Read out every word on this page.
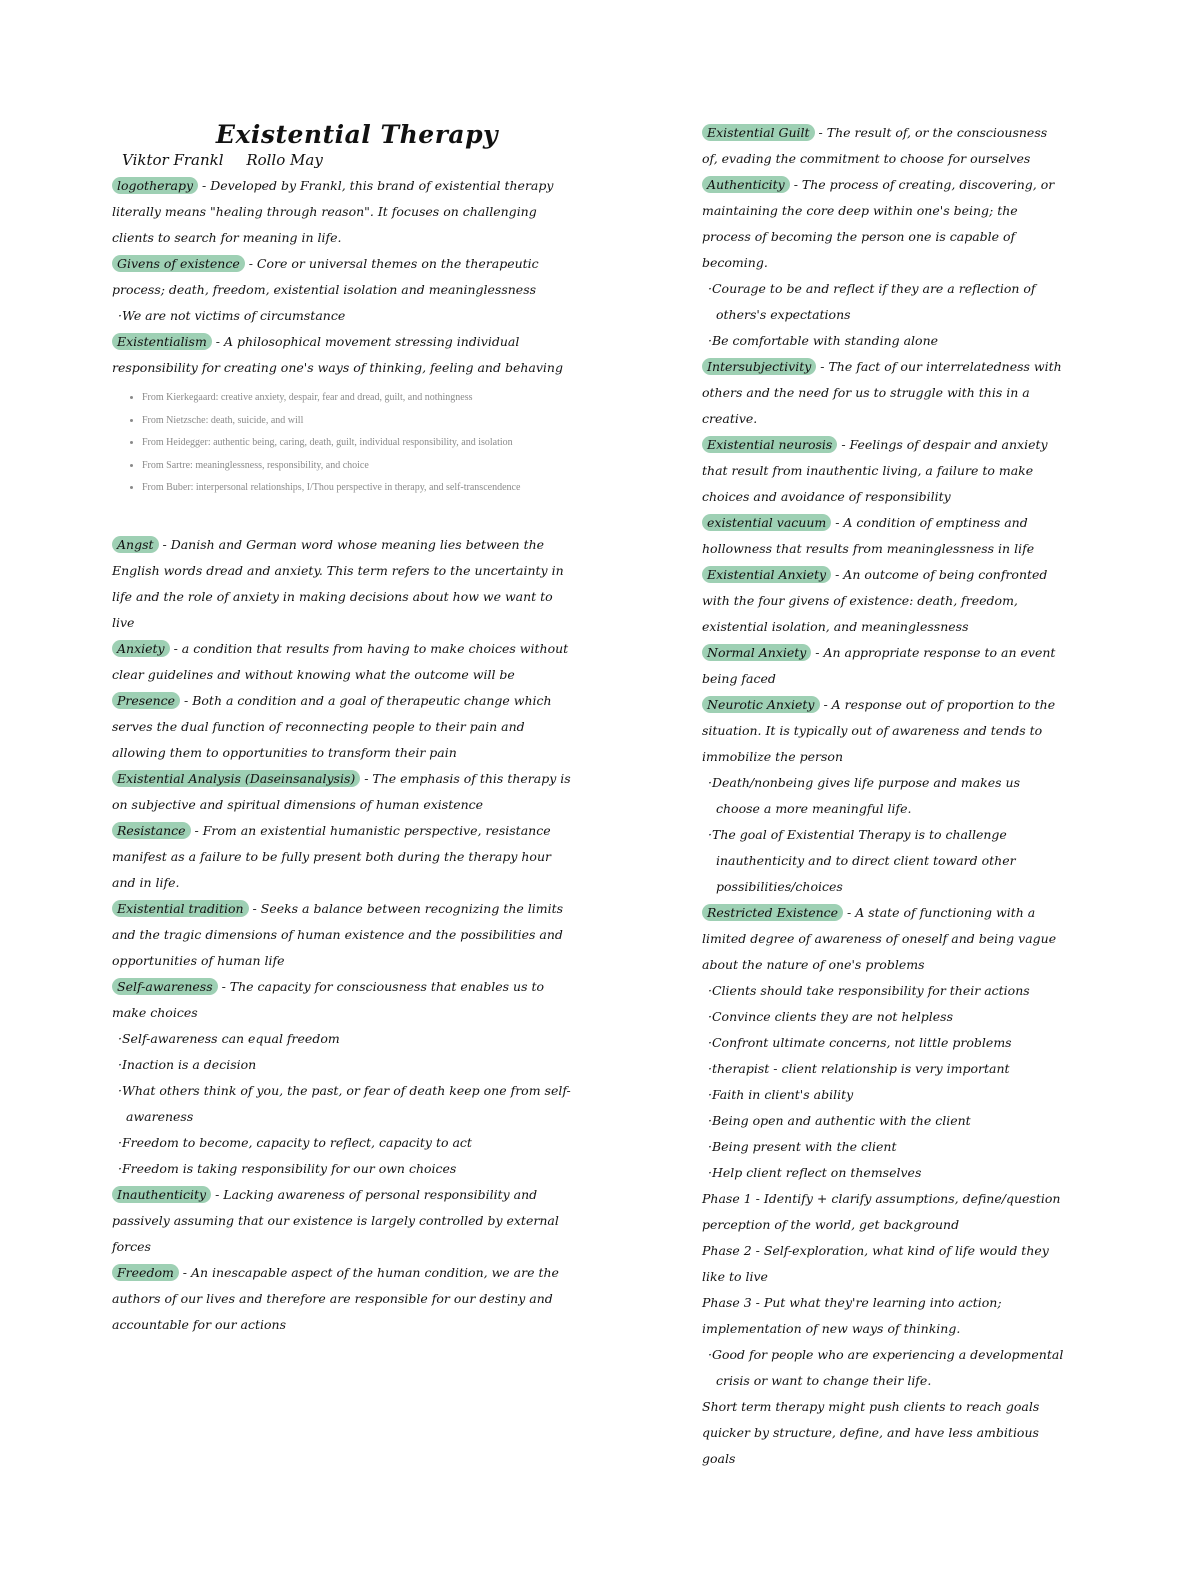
Existential Therapy
Viktor Frankl Rollo May

logotherapy - Developed by Frankl, this brand of existential therapy literally means "healing through reason". It focuses on challenging clients to search for meaning in life.

Givens of existence - Core or universal themes on the therapeutic process; death, freedom, existential isolation and meaninglessness

·We are not victims of circumstance

Existentialism - A philosophical movement stressing individual responsibility for creating one's ways of thinking, feeling and behaving

• From Kierkegaard: creative anxiety, despair, fear and dread, guilt, and nothingness
• From Nietzsche: death, suicide, and will
• From Heidegger: authentic being, caring, death, guilt, individual responsibility, and isolation
• From Sartre: meaninglessness, responsibility, and choice
• From Buber: interpersonal relationships, I/Thou perspective in therapy, and self-transcendence

Angst - Danish and German word whose meaning lies between the English words dread and anxiety. This term refers to the uncertainty in life and the role of anxiety in making decisions about how we want to live

Anxiety - a condition that results from having to make choices without clear guidelines and without knowing what the outcome will be

Presence - Both a condition and a goal of therapeutic change which serves the dual function of reconnecting people to their pain and allowing them to opportunities to transform their pain

Existential Analysis (Daseinsanalysis) - The emphasis of this therapy is on subjective and spiritual dimensions of human existence

Resistance - From an existential humanistic perspective, resistance manifest as a failure to be fully present both during the therapy hour and in life.

Existential tradition - Seeks a balance between recognizing the limits and the tragic dimensions of human existence and the possibilities and opportunities of human life

Self-awareness - The capacity for consciousness that enables us to make choices

·Self-awareness can equal freedom

·Inaction is a decision

·What others think of you, the past, or fear of death keep one from self-awareness

·Freedom to become, capacity to reflect, capacity to act

·Freedom is taking responsibility for our own choices

Inauthenticity - Lacking awareness of personal responsibility and passively assuming that our existence is largely controlled by external forces

Freedom - An inescapable aspect of the human condition, we are the authors of our lives and therefore are responsible for our destiny and accountable for our actions

Existential Guilt - The result of, or the consciousness of, evading the commitment to choose for ourselves

Authenticity - The process of creating, discovering, or maintaining the core deep within one's being; the process of becoming the person one is capable of becoming.

·Courage to be and reflect if they are a reflection of others's expectations

·Be comfortable with standing alone

Intersubjectivity - The fact of our interrelatedness with others and the need for us to struggle with this in a creative.

Existential neurosis - Feelings of despair and anxiety that result from inauthentic living, a failure to make choices and avoidance of responsibility

existential vacuum - A condition of emptiness and hollowness that results from meaninglessness in life

Existential Anxiety - An outcome of being confronted with the four givens of existence: death, freedom, existential isolation, and meaninglessness

Normal Anxiety - An appropriate response to an event being faced

Neurotic Anxiety - A response out of proportion to the situation. It is typically out of awareness and tends to immobilize the person

·Death/nonbeing gives life purpose and makes us choose a more meaningful life.

·The goal of Existential Therapy is to challenge inauthenticity and to direct client toward other possibilities/choices

Restricted Existence - A state of functioning with a limited degree of awareness of oneself and being vague about the nature of one's problems

·Clients should take responsibility for their actions

·Convince clients they are not helpless

·Confront ultimate concerns, not little problems

·therapist - client relationship is very important

·Faith in client's ability

·Being open and authentic with the client

·Being present with the client

·Help client reflect on themselves

Phase 1 - Identify + clarify assumptions, define/question perception of the world, get background

Phase 2 - Self-exploration, what kind of life would they like to live

Phase 3 - Put what they're learning into action; implementation of new ways of thinking.

·Good for people who are experiencing a developmental crisis or want to change their life.

Short term therapy might push clients to reach goals quicker by structure, define, and have less ambitious goals
